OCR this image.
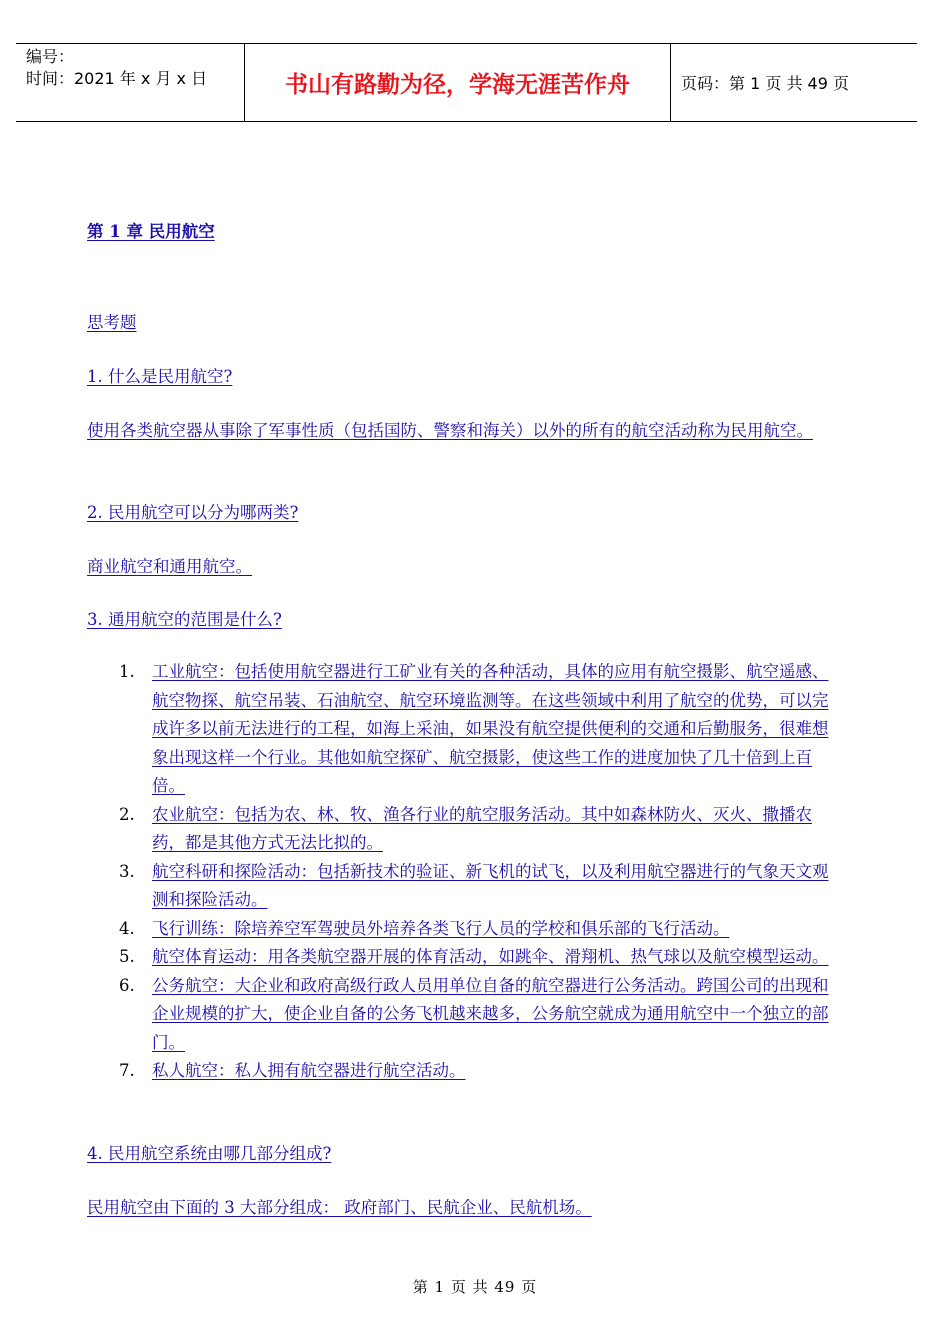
编号：
时间：2021 年 x 月 x 日	书山有路勤为径，学海无涯苦作舟	页码：第 1 页 共 49 页
第 1 章 民用航空
思考题
1. 什么是民用航空?
使用各类航空器从事除了军事性质（包括国防、警察和海关）以外的所有的航空活动称为民用航空。
2. 民用航空可以分为哪两类?
商业航空和通用航空。
3. 通用航空的范围是什么?
1. 工业航空：包括使用航空器进行工矿业有关的各种活动，具体的应用有航空摄影、航空遥感、航空物探、航空吊装、石油航空、航空环境监测等。在这些领域中利用了航空的优势，可以完成许多以前无法进行的工程，如海上采油，如果没有航空提供便利的交通和后勤服务，很难想象出现这样一个行业。其他如航空探矿、航空摄影，使这些工作的进度加快了几十倍到上百倍。
2. 农业航空：包括为农、林、牧、渔各行业的航空服务活动。其中如森林防火、灭火、撒播农药，都是其他方式无法比拟的。
3. 航空科研和探险活动：包括新技术的验证、新飞机的试飞，以及利用航空器进行的气象天文观测和探险活动。
4. 飞行训练：除培养空军驾驶员外培养各类飞行人员的学校和俱乐部的飞行活动。
5. 航空体育运动：用各类航空器开展的体育活动，如跳伞、滑翔机、热气球以及航空模型运动。
6. 公务航空：大企业和政府高级行政人员用单位自备的航空器进行公务活动。跨国公司的出现和企业规模的扩大，使企业自备的公务飞机越来越多，公务航空就成为通用航空中一个独立的部门。
7. 私人航空：私人拥有航空器进行航空活动。
4. 民用航空系统由哪几部分组成?
民用航空由下面的 3 大部分组成： 政府部门、民航企业、民航机场。
第 1 页 共 49 页
